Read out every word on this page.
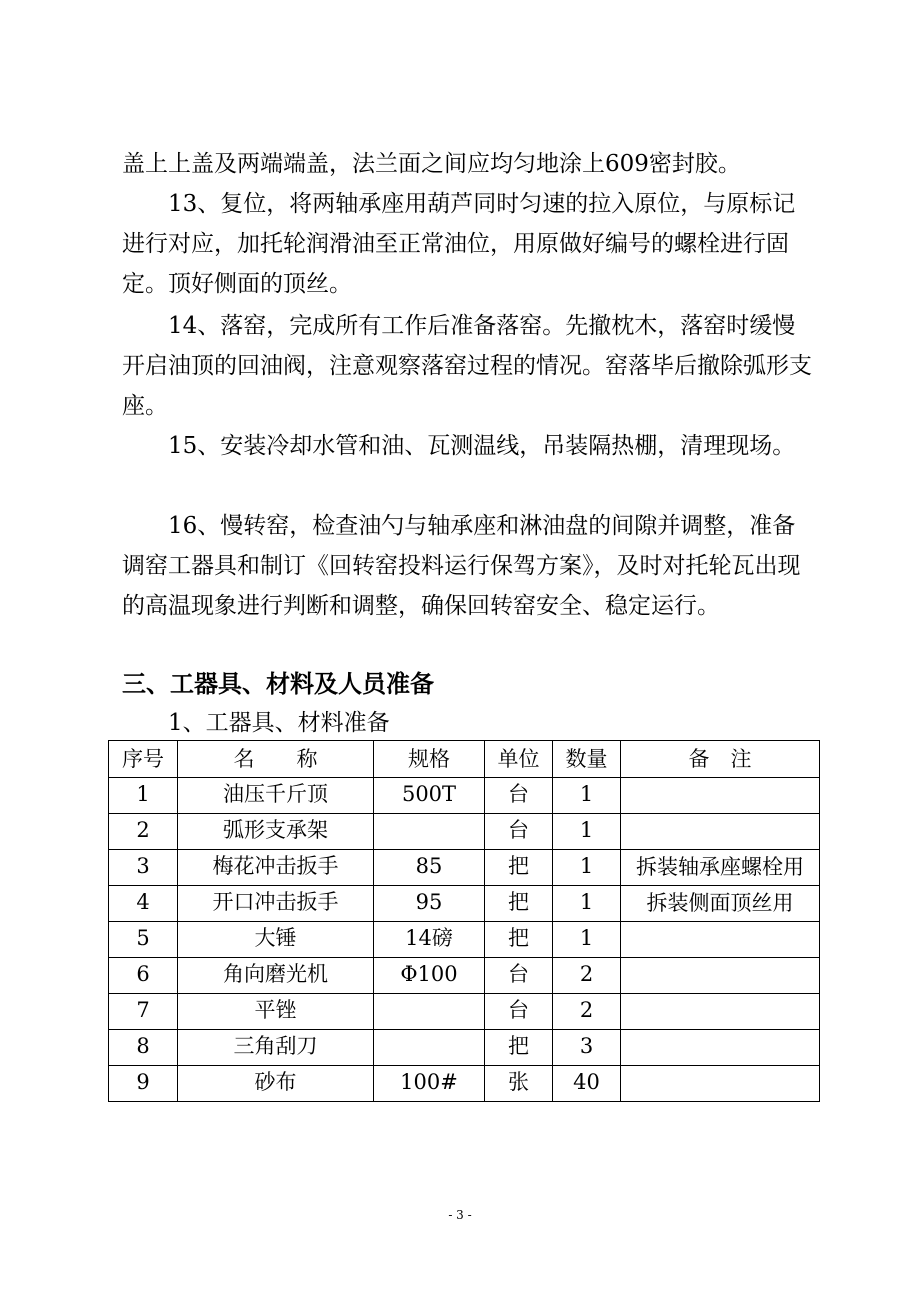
盖上上盖及两端端盖，法兰面之间应均匀地涂上609密封胶。

13、复位，将两轴承座用葫芦同时匀速的拉入原位，与原标记进行对应，加托轮润滑油至正常油位，用原做好编号的螺栓进行固定。顶好侧面的顶丝。

14、落窑，完成所有工作后准备落窑。先撤枕木，落窑时缓慢开启油顶的回油阀，注意观察落窑过程的情况。窑落毕后撤除弧形支座。

15、安装冷却水管和油、瓦测温线，吊装隔热棚，清理现场。

16、慢转窑，检查油勺与轴承座和淋油盘的间隙并调整，准备调窑工器具和制订《回转窑投料运行保驾方案》，及时对托轮瓦出现的高温现象进行判断和调整，确保回转窑安全、稳定运行。

三、工器具、材料及人员准备

1、工器具、材料准备

序号	名　　称	规格	单位	数量	备　注
1	油压千斤顶	500T	台	1	
2	弧形支承架		台	1	
3	梅花冲击扳手	85	把	1	拆装轴承座螺栓用
4	开口冲击扳手	95	把	1	拆装侧面顶丝用
5	大锤	14磅	把	1	
6	角向磨光机	Φ100	台	2	
7	平锉		台	2	
8	三角刮刀		把	3	
9	砂布	100#	张	40	
- 3 -
